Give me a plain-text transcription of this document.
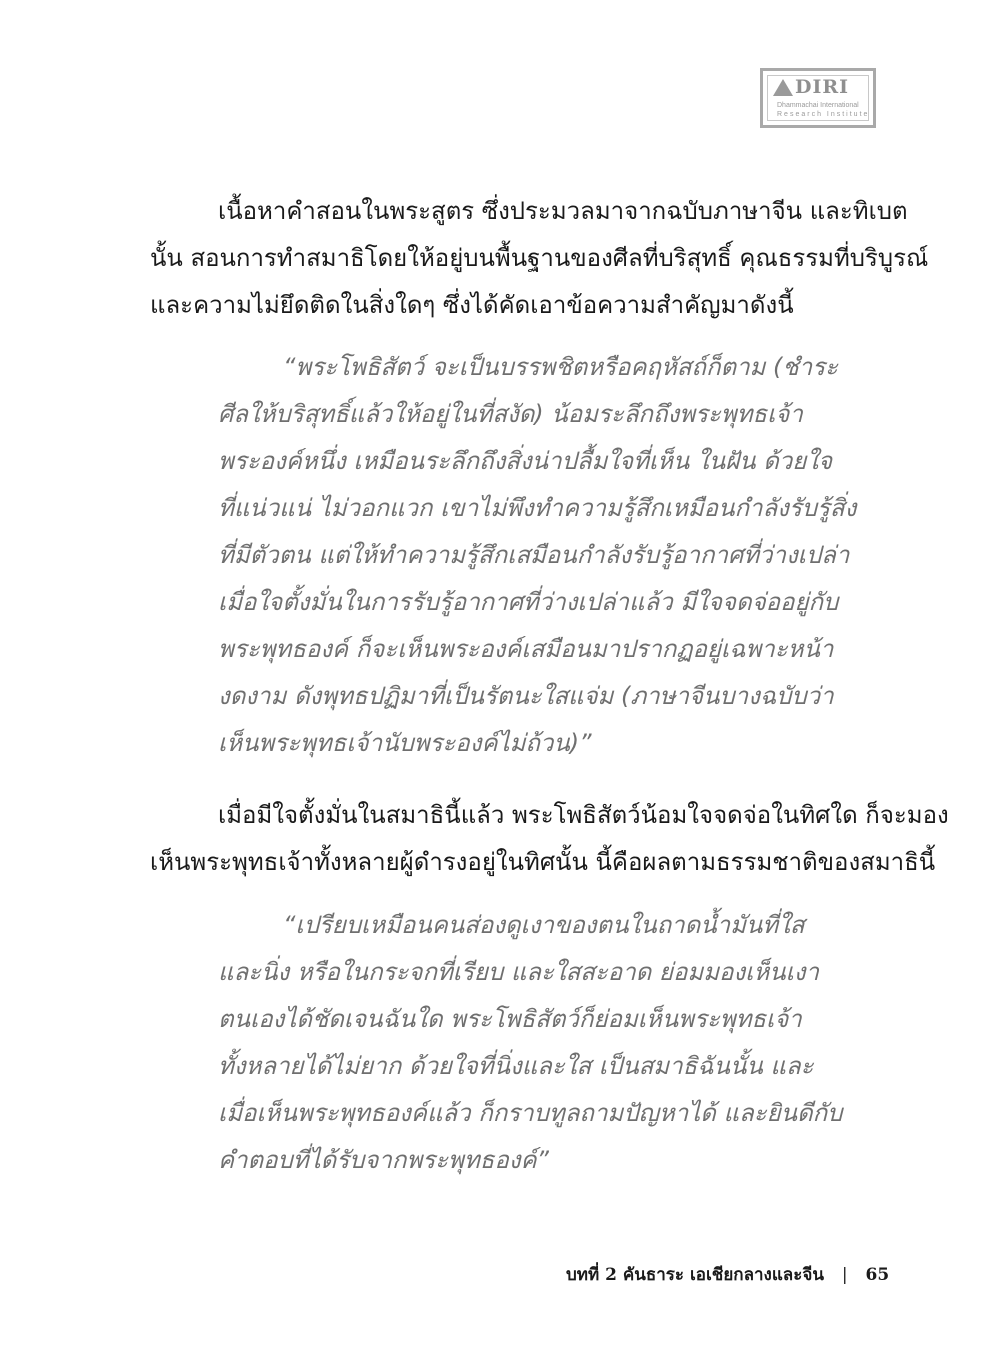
DIRI
Dhammachai International
Research Institute
เนื้อหาคำสอนในพระสูตร ซึ่งประมวลมาจากฉบับภาษาจีน และทิเบต
นั้น สอนการทำสมาธิโดยให้อยู่บนพื้นฐานของศีลที่บริสุทธิ์ คุณธรรมที่บริบูรณ์
และความไม่ยึดติดในสิ่งใดๆ ซึ่งได้คัดเอาข้อความสำคัญมาดังนี้
“พระโพธิสัตว์ จะเป็นบรรพชิตหรือคฤหัสถ์ก็ตาม (ชำระ
ศีลให้บริสุทธิ์แล้วให้อยู่ในที่สงัด) น้อมระลึกถึงพระพุทธเจ้า
พระองค์หนึ่ง เหมือนระลึกถึงสิ่งน่าปลื้มใจที่เห็น ในฝัน ด้วยใจ
ที่แน่วแน่ ไม่วอกแวก เขาไม่พึงทำความรู้สึกเหมือนกำลังรับรู้สิ่ง
ที่มีตัวตน แต่ให้ทำความรู้สึกเสมือนกำลังรับรู้อากาศที่ว่างเปล่า
เมื่อใจตั้งมั่นในการรับรู้อากาศที่ว่างเปล่าแล้ว มีใจจดจ่ออยู่กับ
พระพุทธองค์ ก็จะเห็นพระองค์เสมือนมาปรากฏอยู่เฉพาะหน้า
งดงาม ดังพุทธปฏิมาที่เป็นรัตนะใสแจ่ม (ภาษาจีนบางฉบับว่า
เห็นพระพุทธเจ้านับพระองค์ไม่ถ้วน)”
เมื่อมีใจตั้งมั่นในสมาธินี้แล้ว พระโพธิสัตว์น้อมใจจดจ่อในทิศใด ก็จะมอง
เห็นพระพุทธเจ้าทั้งหลายผู้ดำรงอยู่ในทิศนั้น นี้คือผลตามธรรมชาติของสมาธินี้
“เปรียบเหมือนคนส่องดูเงาของตนในถาดน้ำมันที่ใส
และนิ่ง หรือในกระจกที่เรียบ และใสสะอาด ย่อมมองเห็นเงา
ตนเองได้ชัดเจนฉันใด พระโพธิสัตว์ก็ย่อมเห็นพระพุทธเจ้า
ทั้งหลายได้ไม่ยาก ด้วยใจที่นิ่งและใส เป็นสมาธิฉันนั้น และ
เมื่อเห็นพระพุทธองค์แล้ว ก็กราบทูลถามปัญหาได้ และยินดีกับ
คำตอบที่ได้รับจากพระพุทธองค์”
บทที่ 2 คันธาระ เอเชียกลางและจีน | 65
